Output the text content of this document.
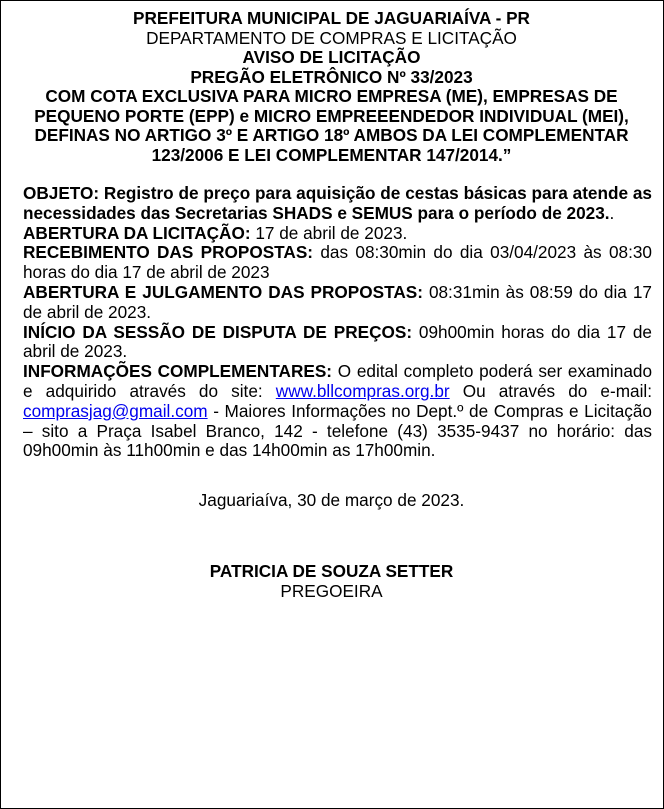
PREFEITURA MUNICIPAL DE JAGUARIAÍVA - PR
DEPARTAMENTO DE COMPRAS E LICITAÇÃO
AVISO DE LICITAÇÃO
PREGÃO ELETRÔNICO Nº 33/2023
COM COTA EXCLUSIVA PARA MICRO EMPRESA (ME), EMPRESAS DE PEQUENO PORTE (EPP) e MICRO EMPREEENDEDOR INDIVIDUAL (MEI), DEFINAS NO ARTIGO 3º E ARTIGO 18º AMBOS DA LEI COMPLEMENTAR 123/2006 E LEI COMPLEMENTAR 147/2014.”

OBJETO: Registro de preço para aquisição de cestas básicas para atende as necessidades das Secretarias SHADS e SEMUS para o período de 2023..

ABERTURA DA LICITAÇÃO: 17 de abril de 2023.

RECEBIMENTO DAS PROPOSTAS: das 08:30min do dia 03/04/2023 às 08:30 horas do dia 17 de abril de 2023

ABERTURA E JULGAMENTO DAS PROPOSTAS: 08:31min às 08:59 do dia 17 de abril de 2023.

INÍCIO DA SESSÃO DE DISPUTA DE PREÇOS: 09h00min horas do dia 17 de abril de 2023.

INFORMAÇÕES COMPLEMENTARES: O edital completo poderá ser examinado e adquirido através do site: www.bllcompras.org.br Ou através do e-mail: comprasjag@gmail.com - Maiores Informações no Dept.º de Compras e Licitação – sito a Praça Isabel Branco, 142 - telefone (43) 3535-9437 no horário: das 09h00min às 11h00min e das 14h00min as 17h00min.

Jaguariaíva, 30 de março de 2023.
PATRICIA DE SOUZA SETTER
PREGOEIRA
